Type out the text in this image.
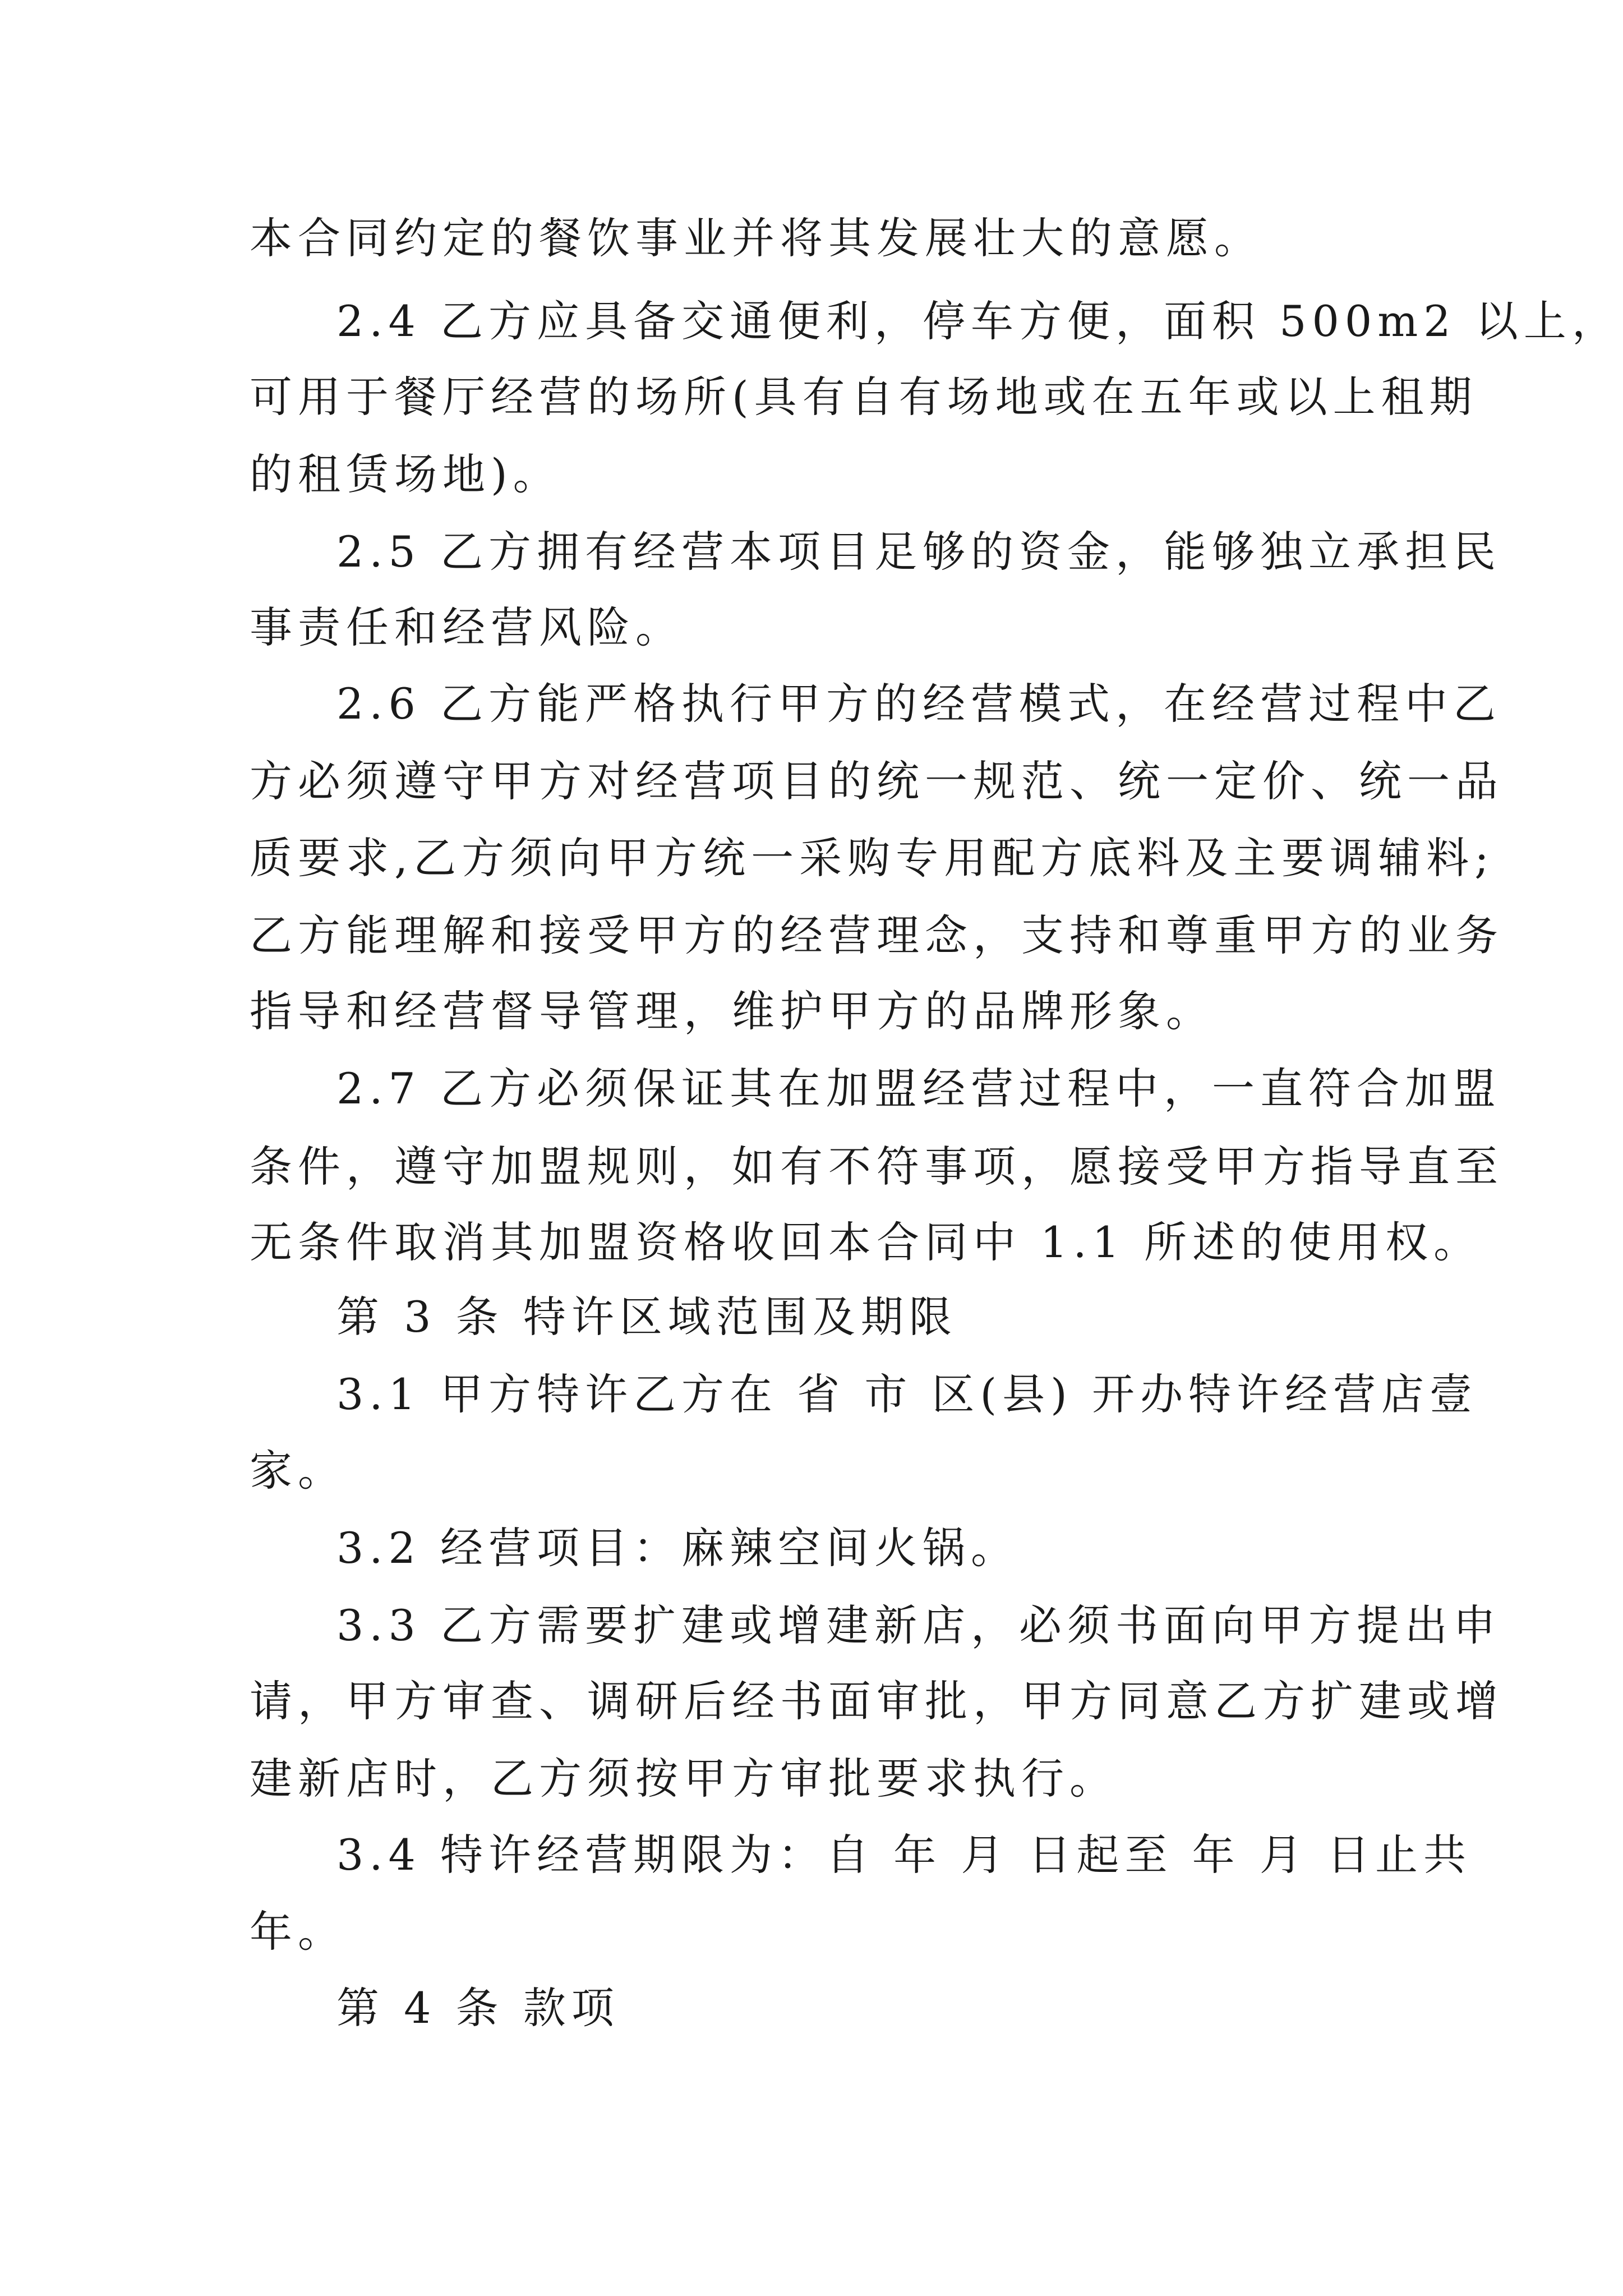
本合同约定的餐饮事业并将其发展壮大的意愿。

2.4 乙方应具备交通便利，停车方便，面积 500m2 以上，

可用于餐厅经营的场所(具有自有场地或在五年或以上租期

的租赁场地)。

2.5 乙方拥有经营本项目足够的资金，能够独立承担民

事责任和经营风险。

2.6 乙方能严格执行甲方的经营模式，在经营过程中乙

方必须遵守甲方对经营项目的统一规范、统一定价、统一品

质要求,乙方须向甲方统一采购专用配方底料及主要调辅料;

乙方能理解和接受甲方的经营理念，支持和尊重甲方的业务

指导和经营督导管理，维护甲方的品牌形象。

2.7 乙方必须保证其在加盟经营过程中，一直符合加盟

条件，遵守加盟规则，如有不符事项，愿接受甲方指导直至

无条件取消其加盟资格收回本合同中 1.1 所述的使用权。

第 3 条 特许区域范围及期限

3.1 甲方特许乙方在 省 市 区(县) 开办特许经营店壹

家。

3.2 经营项目：麻辣空间火锅。

3.3 乙方需要扩建或增建新店，必须书面向甲方提出申

请，甲方审查、调研后经书面审批，甲方同意乙方扩建或增

建新店时，乙方须按甲方审批要求执行。

3.4 特许经营期限为：自 年 月 日起至 年 月 日止共

年。

第 4 条 款项
